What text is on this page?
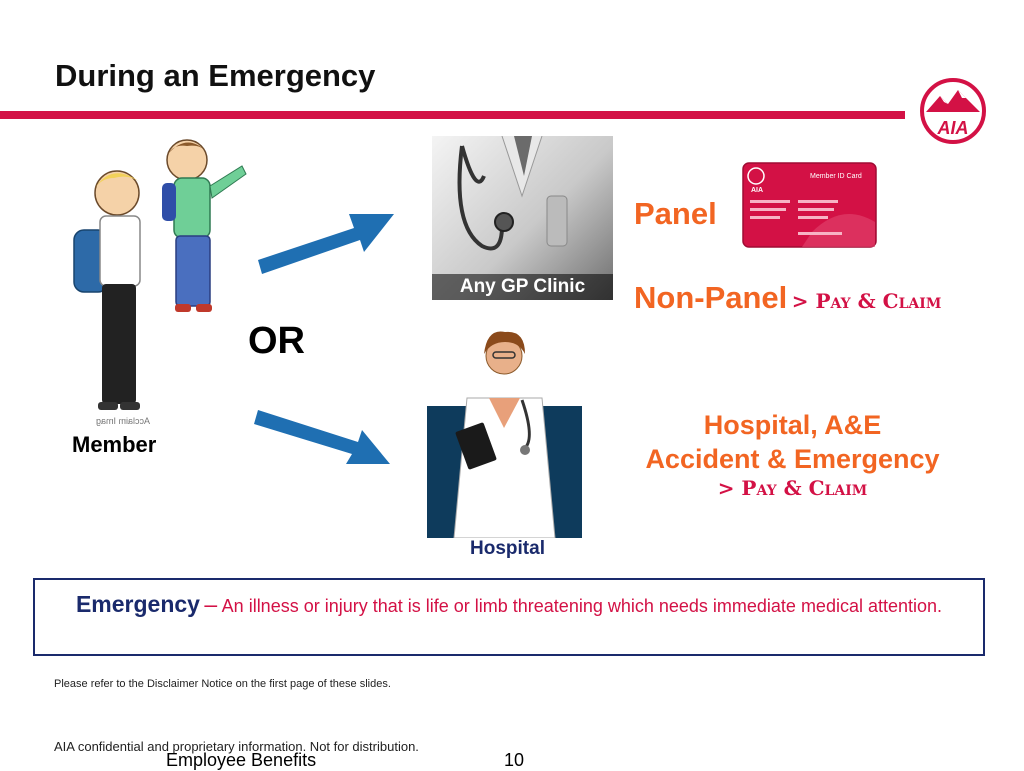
During an Emergency
AIA
Acclaim Imag
Member
OR
Any GP Clinic
Hospital
Panel
AIA
Member ID Card
Non-Panel > Pay & Claim
Hospital, A&E
Accident & Emergency
> Pay & Claim
Emergency – An illness or injury that is life or limb threatening which needs immediate medical attention.
Please refer to the Disclaimer Notice on the first page of these slides.
AIA confidential and proprietary information. Not for distribution.
Employee Benefits	10
